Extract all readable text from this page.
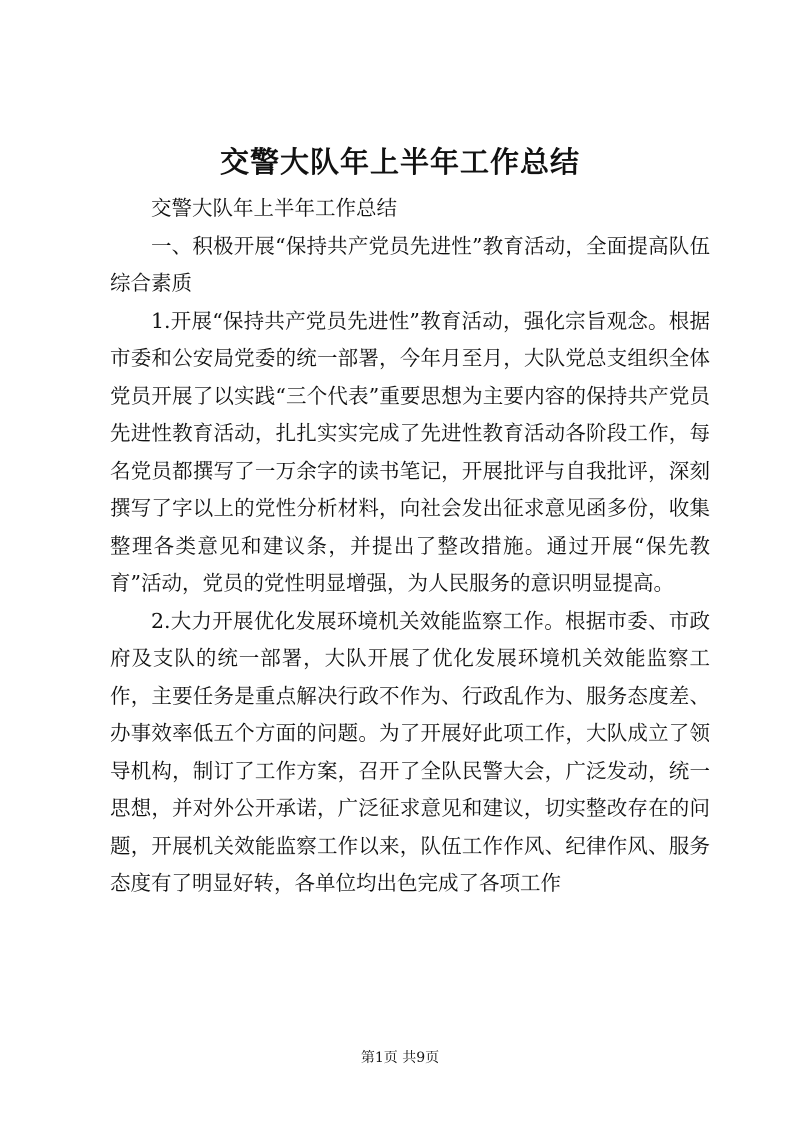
交警大队年上半年工作总结

交警大队年上半年工作总结

一、积极开展“保持共产党员先进性”教育活动，全面提高队伍综合素质

1.开展“保持共产党员先进性”教育活动，强化宗旨观念。根据市委和公安局党委的统一部署，今年月至月，大队党总支组织全体党员开展了以实践“三个代表”重要思想为主要内容的保持共产党员先进性教育活动，扎扎实实完成了先进性教育活动各阶段工作，每名党员都撰写了一万余字的读书笔记，开展批评与自我批评，深刻撰写了字以上的党性分析材料，向社会发出征求意见函多份，收集整理各类意见和建议条，并提出了整改措施。通过开展“保先教育”活动，党员的党性明显增强，为人民服务的意识明显提高。

2.大力开展优化发展环境机关效能监察工作。根据市委、市政府及支队的统一部署，大队开展了优化发展环境机关效能监察工作，主要任务是重点解决行政不作为、行政乱作为、服务态度差、办事效率低五个方面的问题。为了开展好此项工作，大队成立了领导机构，制订了工作方案，召开了全队民警大会，广泛发动，统一思想，并对外公开承诺，广泛征求意见和建议，切实整改存在的问题，开展机关效能监察工作以来，队伍工作作风、纪律作风、服务态度有了明显好转，各单位均出色完成了各项工作

第1页 共9页
